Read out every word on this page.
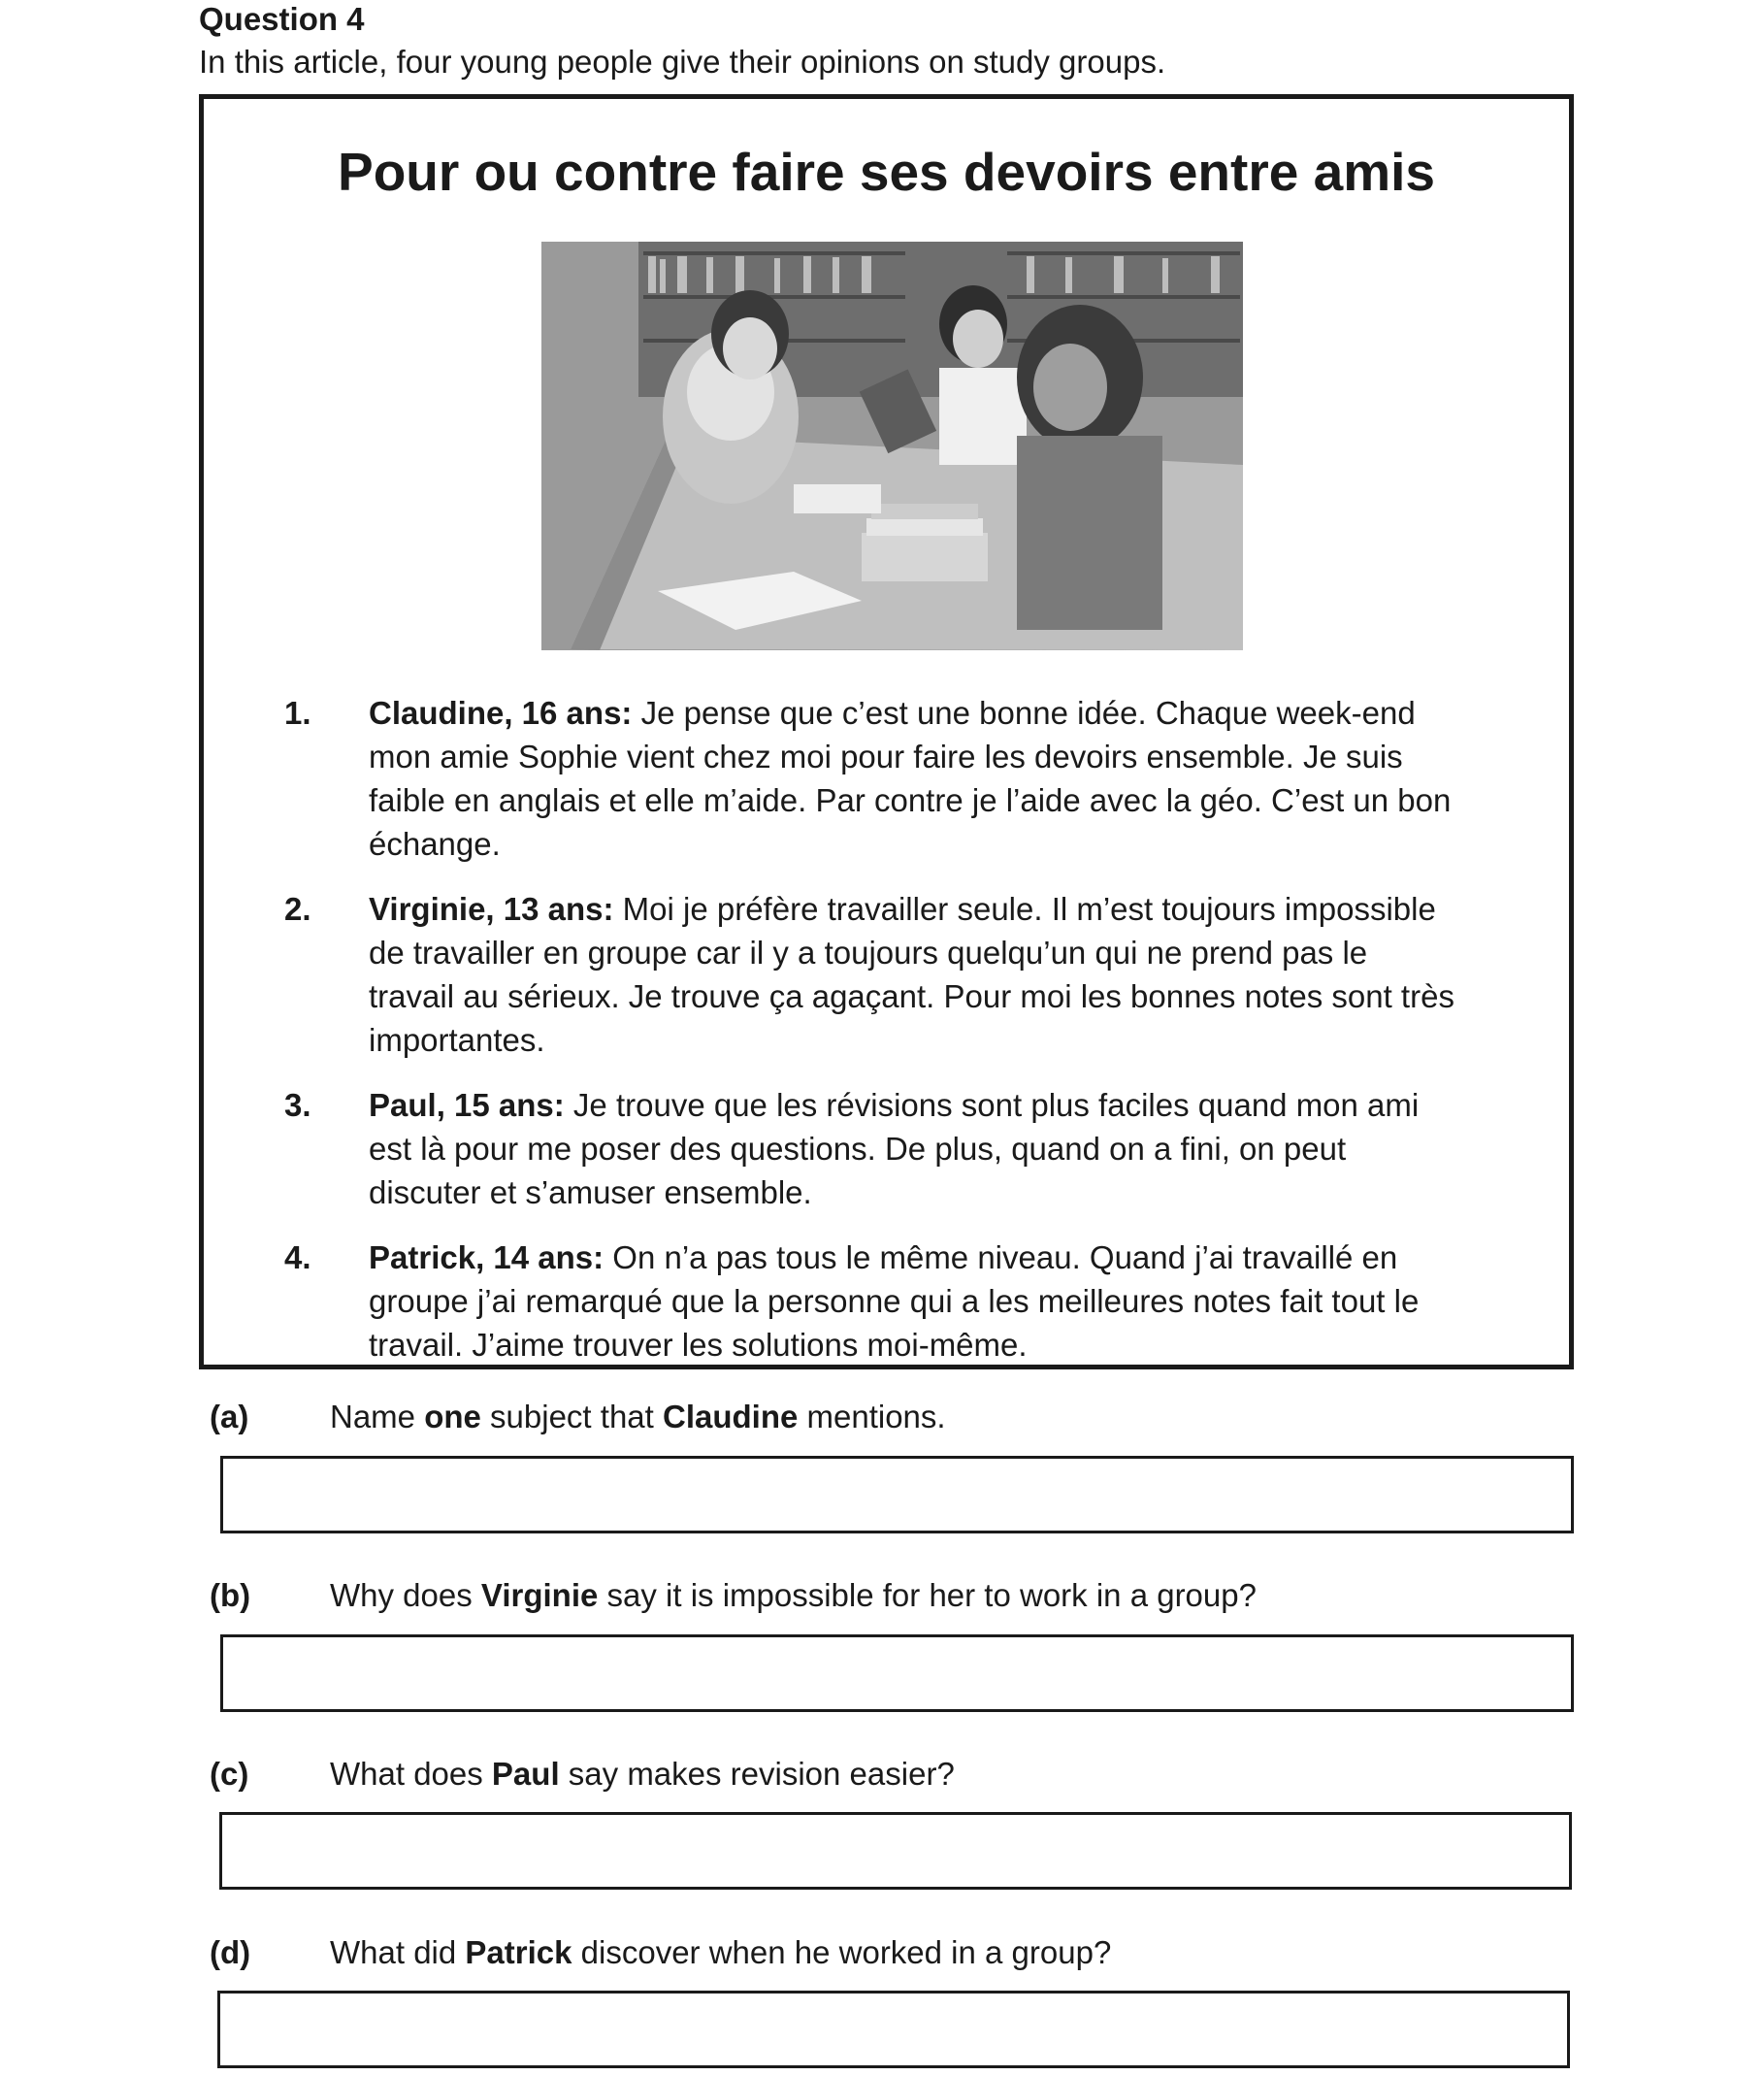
Question 4
In this article, four young people give their opinions on study groups.
Pour ou contre faire ses devoirs entre amis
1. Claudine, 16 ans: Je pense que c’est une bonne idée. Chaque week-end mon amie Sophie vient chez moi pour faire les devoirs ensemble. Je suis faible en anglais et elle m’aide. Par contre je l’aide avec la géo. C’est un bon échange.
2. Virginie, 13 ans: Moi je préfère travailler seule. Il m’est toujours impossible de travailler en groupe car il y a toujours quelqu’un qui ne prend pas le travail au sérieux. Je trouve ça agaçant. Pour moi les bonnes notes sont très importantes.
3. Paul, 15 ans: Je trouve que les révisions sont plus faciles quand mon ami est là pour me poser des questions. De plus, quand on a fini, on peut discuter et s’amuser ensemble.
4. Patrick, 14 ans: On n’a pas tous le même niveau. Quand j’ai travaillé en groupe j’ai remarqué que la personne qui a les meilleures notes fait tout le travail. J’aime trouver les solutions moi-même.
(a)	Name one subject that Claudine mentions.
(b) Why does Virginie say it is impossible for her to work in a group?
(c)	What does Paul say makes revision easier?
(d) What did Patrick discover when he worked in a group?
